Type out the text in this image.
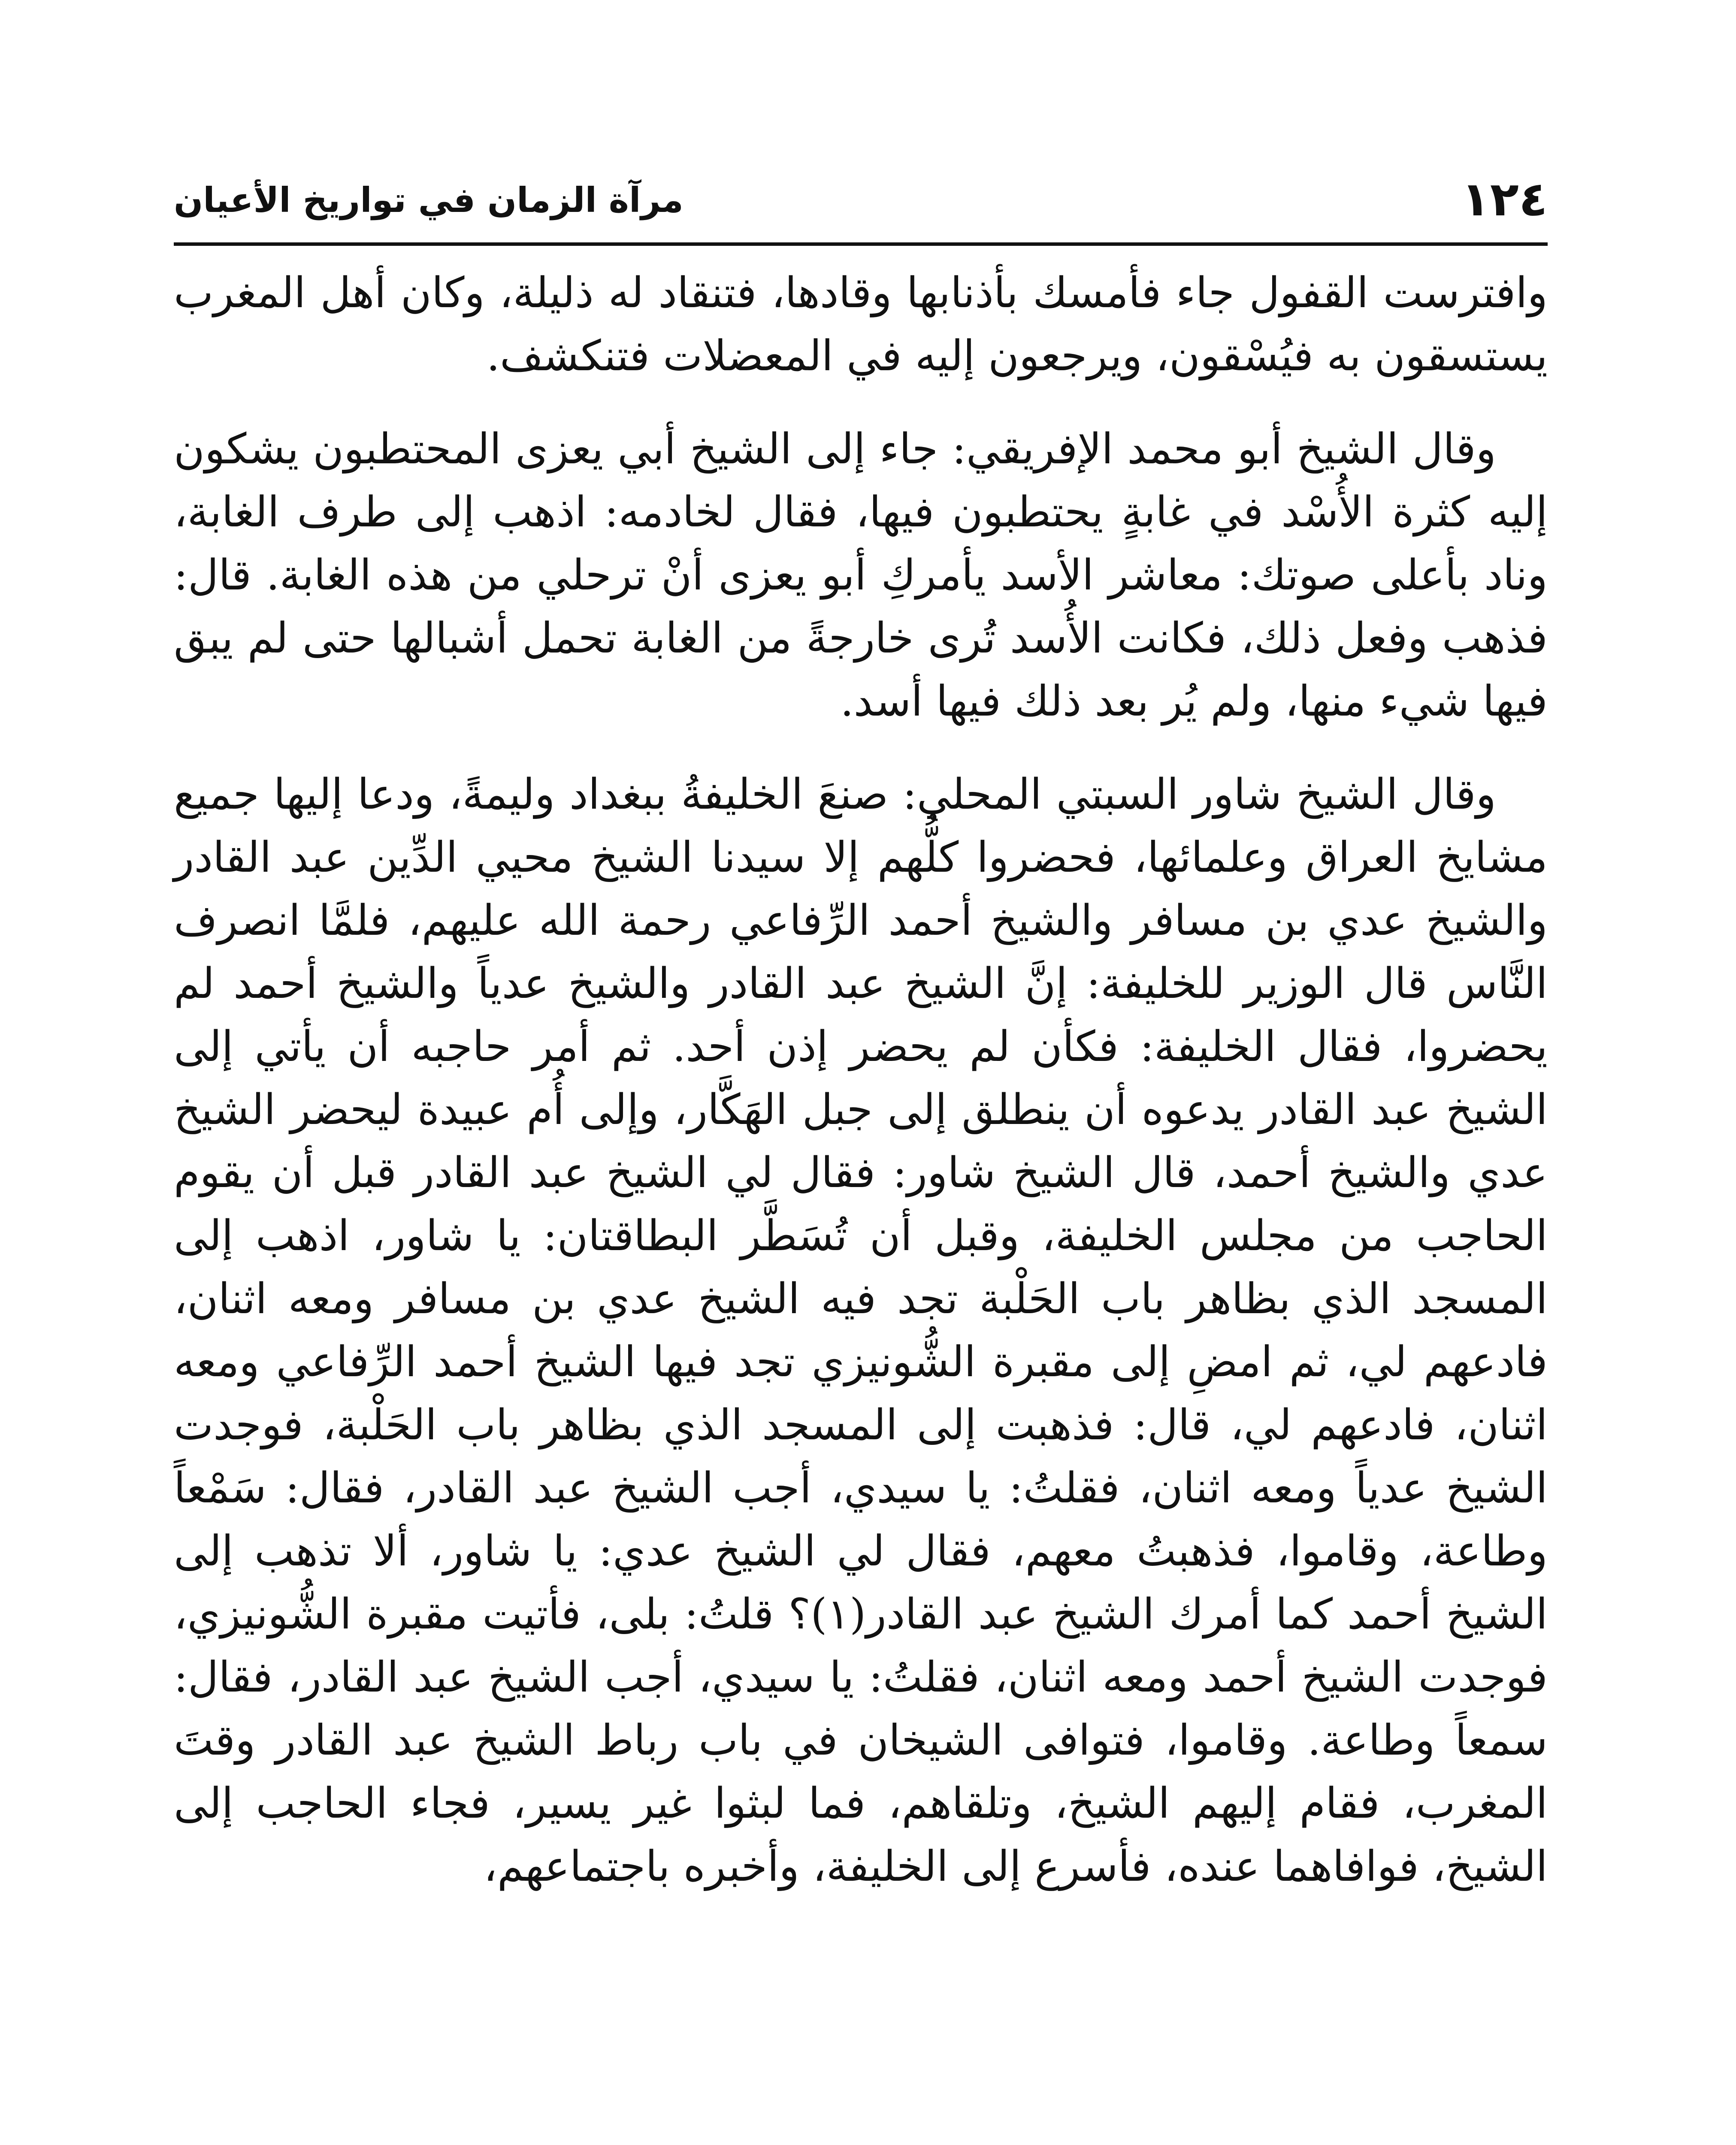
مرآة الزمان في تواريخ الأعيان	١٢٤

وافترست القفول جاء فأمسك بأذنابها وقادها، فتنقاد له ذليلة، وكان أهل المغرب يستسقون به فيُسْقون، ويرجعون إليه في المعضلات فتنكشف.

وقال الشيخ أبو محمد الإفريقي: جاء إلى الشيخ أبي يعزى المحتطبون يشكون إليه كثرة الأُسْد في غابةٍ يحتطبون فيها، فقال لخادمه: اذهب إلى طرف الغابة، وناد بأعلى صوتك: معاشر الأسد يأمركِ أبو يعزى أنْ ترحلي من هذه الغابة. قال: فذهب وفعل ذلك، فكانت الأُسد تُرى خارجةً من الغابة تحمل أشبالها حتى لم يبق فيها شيء منها، ولم يُر بعد ذلك فيها أسد.

وقال الشيخ شاور السبتي المحلي: صنعَ الخليفةُ ببغداد وليمةً، ودعا إليها جميع مشايخ العراق وعلمائها، فحضروا كلُّهم إلا سيدنا الشيخ محيي الدِّين عبد القادر والشيخ عدي بن مسافر والشيخ أحمد الرِّفاعي رحمة الله عليهم، فلمَّا انصرف النَّاس قال الوزير للخليفة: إنَّ الشيخ عبد القادر والشيخ عدياً والشيخ أحمد لم يحضروا، فقال الخليفة: فكأن لم يحضر إذن أحد. ثم أمر حاجبه أن يأتي إلى الشيخ عبد القادر يدعوه أن ينطلق إلى جبل الهَكَّار، وإلى أُم عبيدة ليحضر الشيخ عدي والشيخ أحمد، قال الشيخ شاور: فقال لي الشيخ عبد القادر قبل أن يقوم الحاجب من مجلس الخليفة، وقبل أن تُسَطَّر البطاقتان: يا شاور، اذهب إلى المسجد الذي بظاهر باب الحَلْبة تجد فيه الشيخ عدي بن مسافر ومعه اثنان، فادعهم لي، ثم امضِ إلى مقبرة الشُّونيزي تجد فيها الشيخ أحمد الرِّفاعي ومعه اثنان، فادعهم لي، قال: فذهبت إلى المسجد الذي بظاهر باب الحَلْبة، فوجدت الشيخ عدياً ومعه اثنان، فقلتُ: يا سيدي، أجب الشيخ عبد القادر، فقال: سَمْعاً وطاعة، وقاموا، فذهبتُ معهم، فقال لي الشيخ عدي: يا شاور، ألا تذهب إلى الشيخ أحمد كما أمرك الشيخ عبد القادر(١)؟ قلتُ: بلى، فأتيت مقبرة الشُّونيزي، فوجدت الشيخ أحمد ومعه اثنان، فقلتُ: يا سيدي، أجب الشيخ عبد القادر، فقال: سمعاً وطاعة. وقاموا، فتوافى الشيخان في باب رباط الشيخ عبد القادر وقتَ المغرب، فقام إليهم الشيخ، وتلقاهم، فما لبثوا غير يسير، فجاء الحاجب إلى الشيخ، فوافاهما عنده، فأسرع إلى الخليفة، وأخبره باجتماعهم،
